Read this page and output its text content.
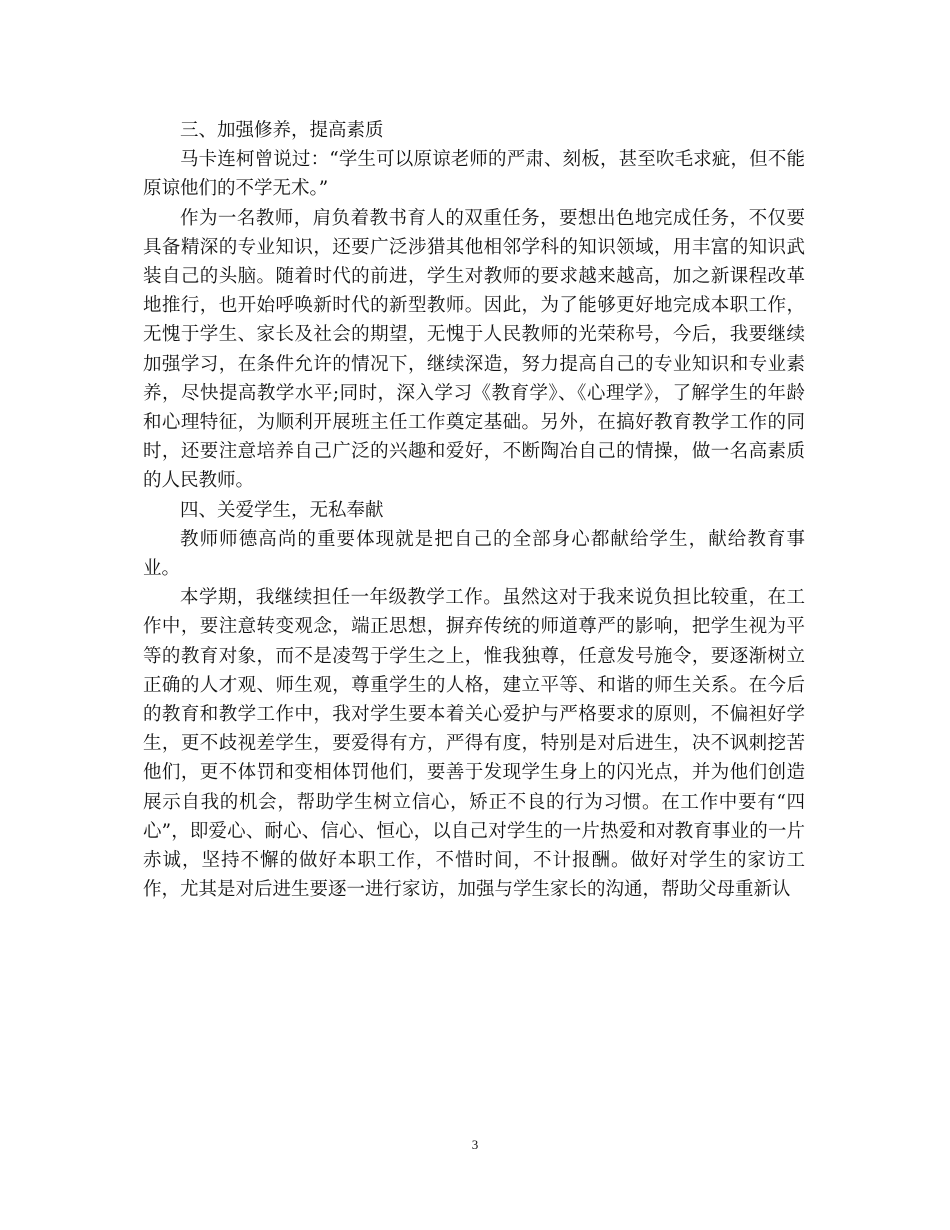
三、加强修养，提高素质

马卡连柯曾说过：“学生可以原谅老师的严肃、刻板，甚至吹毛求疵，但不能原谅他们的不学无术。”

作为一名教师，肩负着教书育人的双重任务，要想出色地完成任务，不仅要具备精深的专业知识，还要广泛涉猎其他相邻学科的知识领域，用丰富的知识武装自己的头脑。随着时代的前进，学生对教师的要求越来越高，加之新课程改革地推行，也开始呼唤新时代的新型教师。因此，为了能够更好地完成本职工作，无愧于学生、家长及社会的期望，无愧于人民教师的光荣称号，今后，我要继续加强学习，在条件允许的情况下，继续深造，努力提高自己的专业知识和专业素养，尽快提高教学水平;同时，深入学习《教育学》、《心理学》，了解学生的年龄和心理特征，为顺利开展班主任工作奠定基础。另外，在搞好教育教学工作的同时，还要注意培养自己广泛的兴趣和爱好，不断陶冶自己的情操，做一名高素质的人民教师。

四、关爱学生，无私奉献

教师师德高尚的重要体现就是把自己的全部身心都献给学生，献给教育事业。

本学期，我继续担任一年级教学工作。虽然这对于我来说负担比较重，在工作中，要注意转变观念，端正思想，摒弃传统的师道尊严的影响，把学生视为平等的教育对象，而不是凌驾于学生之上，惟我独尊，任意发号施令，要逐渐树立正确的人才观、师生观，尊重学生的人格，建立平等、和谐的师生关系。在今后的教育和教学工作中，我对学生要本着关心爱护与严格要求的原则，不偏袒好学生，更不歧视差学生，要爱得有方，严得有度，特别是对后进生，决不讽刺挖苦他们，更不体罚和变相体罚他们，要善于发现学生身上的闪光点，并为他们创造展示自我的机会，帮助学生树立信心，矫正不良的行为习惯。在工作中要有“四心”，即爱心、耐心、信心、恒心，以自己对学生的一片热爱和对教育事业的一片赤诚，坚持不懈的做好本职工作，不惜时间，不计报酬。做好对学生的家访工作，尤其是对后进生要逐一进行家访，加强与学生家长的沟通，帮助父母重新认

3
